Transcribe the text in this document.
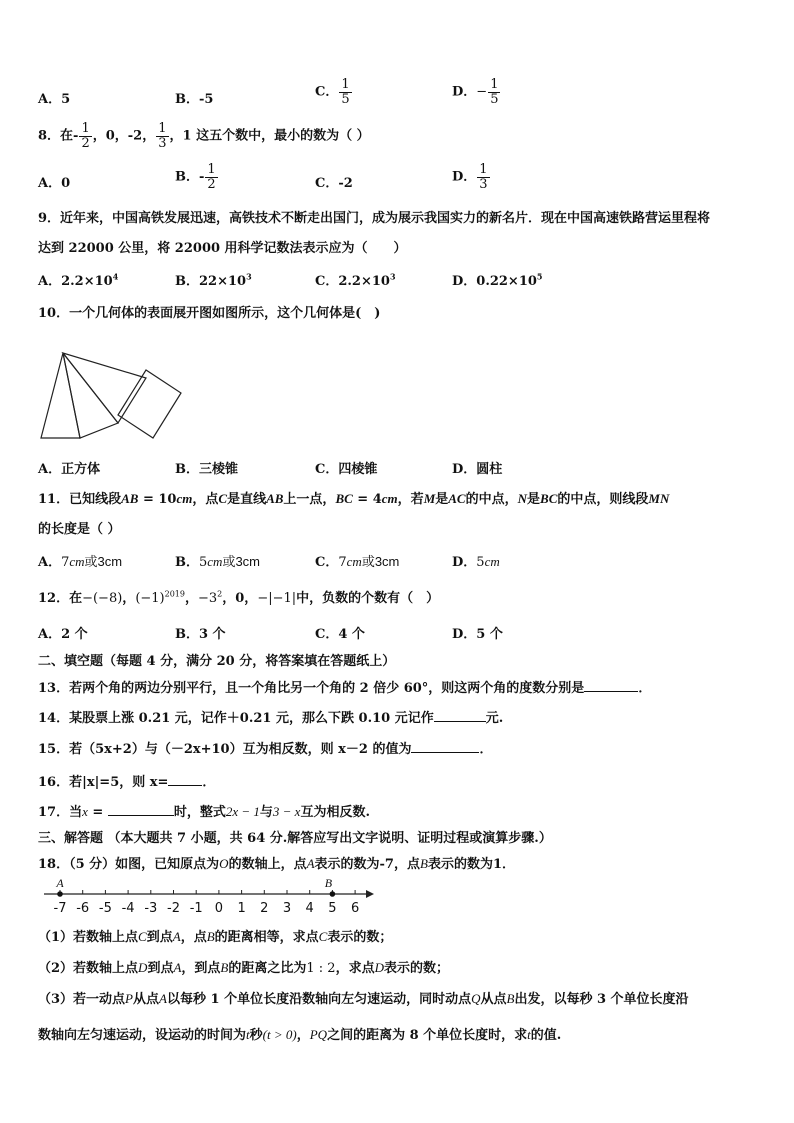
A．5	B．-5	C． $\frac{1}{5}$	D．− $\frac{1}{5}$
8．在- $\frac{1}{2}$ ，0，-2， $\frac{1}{3}$ ，1 这五个数中，最小的数为（ ）
A．0	B．- $\frac{1}{2}$	C．-2	D． $\frac{1}{3}$
9．近年来，中国高铁发展迅速，高铁技术不断走出国门，成为展示我国实力的新名片．现在中国高速铁路营运里程将
达到 22000 公里，将 22000 用科学记数法表示应为（　　）
A．$2.2\times 10^4$	B．$22\times 10^3$	C．$2.2\times 10^3$	D．$0.22\times 10^5$
10．一个几何体的表面展开图如图所示，这个几何体是(　)
A．正方体	B．三棱锥	C．四棱锥	D．圆柱
11．已知线段AB = 10cm，点C是直线AB上一点，BC = 4cm，若M是AC的中点，N是BC的中点，则线段MN
的长度是（ ）
A．7cm或3cm	B．5cm或3cm	C．7cm或3cm	D．5cm
12．在−(−8)，$(-1)^{2019}$，$-3^2$，0，−|−1|中，负数的个数有（　）
A．2 个	B．3 个	C．4 个	D．5 个
二、填空题（每题 4 分，满分 20 分，将答案填在答题纸上）
13．若两个角的两边分别平行，且一个角比另一个角的 2 倍少 60°，则这两个角的度数分别是	．
14．某股票上涨 0.21 元，记作＋0.21 元，那么下跌 0.10 元记作	元.
15．若（5x+2）与（－2x+10）互为相反数，则 x－2 的值为	．
16．若|x|=5，则 x=	．
17．当x =	时，整式2x − 1与3 − x互为相反数.
三、解答题 （本大题共 7 小题，共 64 分.解答应写出文字说明、证明过程或演算步骤.）
18．（5 分）如图，已知原点为O的数轴上，点A表示的数为-7，点B表示的数为1．
-7 -6 -5 -4 -3 -2 -1 0 1 2 3 4 5 6
A	B
（1）若数轴上点C到点A，点B的距离相等，求点C表示的数；
（2）若数轴上点D到点A，到点B的距离之比为1 : 2，求点D表示的数；
（3）若一动点P从点A以每秒 1 个单位长度沿数轴向左匀速运动，同时动点Q从点B出发，以每秒 3 个单位长度沿
数轴向左匀速运动，设运动的时间为t秒(t > 0)，PQ之间的距离为 8 个单位长度时，求t的值.
